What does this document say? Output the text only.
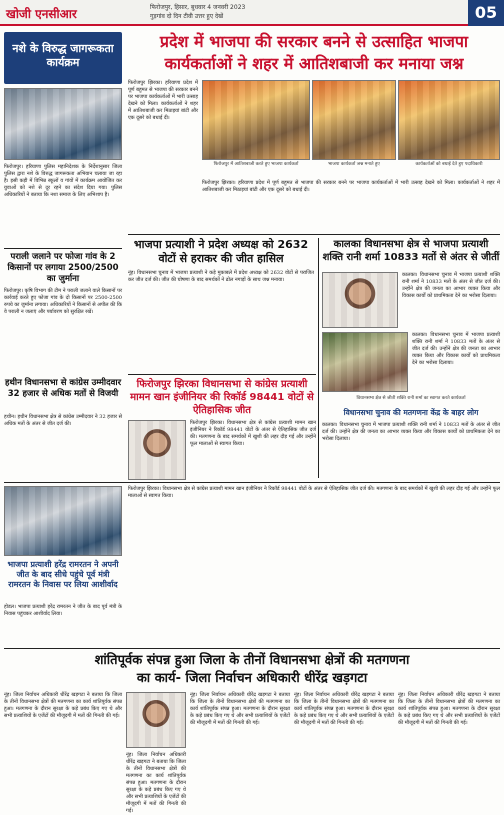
खोजी एनसीआर	फिरोजपुर, हिसार, बुधवार 4 जनवरी 2023
गुड़गांव दो दिन टीवी उत्तर हुए देखें	05
नशे के विरुद्ध जागरूकता कार्यक्रम
फिरोजपुर। हरियाणा पुलिस महानिदेशक के निर्देशानुसार जिला पुलिस द्वारा नशे के विरुद्ध जागरूकता अभियान चलाया जा रहा है। इसी कड़ी में विभिन्न स्कूलों व गांवों में कार्यक्रम आयोजित कर युवाओं को नशे से दूर रहने का संदेश दिया गया। पुलिस अधिकारियों ने बताया कि नशा समाज के लिए अभिशाप है।
प्रदेश में भाजपा की सरकार बनने से उत्साहित भाजपा
कार्यकर्ताओं ने शहर में आतिशबाजी कर मनाया जश्न
फिरोजपुर झिरका। हरियाणा प्रदेश में पूर्ण बहुमत से भाजपा की सरकार बनने पर भाजपा कार्यकर्ताओं में भारी उत्साह देखने को मिला। कार्यकर्ताओं ने शहर में आतिशबाजी कर मिठाइयां बांटी और एक दूसरे को बधाई दी।
फिरोजपुर में आतिशबाजी करते हुए भाजपा कार्यकर्ता	भाजपा कार्यकर्ता जश्न मनाते हुए	कार्यकर्ताओं को बधाई देते हुए पदाधिकारी
फिरोजपुर झिरका। हरियाणा प्रदेश में पूर्ण बहुमत से भाजपा की सरकार बनने पर भाजपा कार्यकर्ताओं में भारी उत्साह देखने को मिला। कार्यकर्ताओं ने शहर में आतिशबाजी कर मिठाइयां बांटी और एक दूसरे को बधाई दी।
पराली जलाने पर फोजा गांव के 2 किसानों पर लगाया 2500/2500 का जुर्माना
फिरोजपुर। कृषि विभाग की टीम ने पराली जलाने वाले किसानों पर कार्रवाई करते हुए फोजा गांव के दो किसानों पर 2500-2500 रुपये का जुर्माना लगाया। अधिकारियों ने किसानों से अपील की कि वे पराली न जलाएं और पर्यावरण को सुरक्षित रखें।
हथीन विधानसभा से कांग्रेस उम्मीदवार 32 हजार से अधिक मतों से विजयी
हथीन। हथीन विधानसभा क्षेत्र से कांग्रेस उम्मीदवार ने 32 हजार से अधिक मतों के अंतर से जीत दर्ज की।
भाजपा प्रत्याशी ने प्रदेश अध्यक्ष को 2632 वोटों से हराकर की जीत हासिल
नूंह। विधानसभा चुनाव में भाजपा प्रत्याशी ने कड़े मुकाबले में प्रदेश अध्यक्ष को 2632 वोटों से पराजित कर जीत दर्ज की। जीत की घोषणा के बाद समर्थकों ने ढोल नगाड़ों के साथ जश्न मनाया।
कालका विधानसभा क्षेत्र से भाजपा प्रत्याशी शक्ति रानी शर्मा 10833 मतों से अंतर से जीतीं
कालका। विधानसभा चुनाव में भाजपा प्रत्याशी शक्ति रानी शर्मा ने 10833 मतों के अंतर से जीत दर्ज की। उन्होंने क्षेत्र की जनता का आभार व्यक्त किया और विकास कार्यों को प्राथमिकता देने का भरोसा दिलाया।
कालका। विधानसभा चुनाव में भाजपा प्रत्याशी शक्ति रानी शर्मा ने 10833 मतों के अंतर से जीत दर्ज की। उन्होंने क्षेत्र की जनता का आभार व्यक्त किया और विकास कार्यों को प्राथमिकता देने का भरोसा दिलाया।
विधानसभा क्षेत्र से जीती शक्ति रानी शर्मा का स्वागत करते कार्यकर्ता
विधानसभा चुनाव की मतगणना केंद्र के बाहर लोग
कालका। विधानसभा चुनाव में भाजपा प्रत्याशी शक्ति रानी शर्मा ने 10833 मतों के अंतर से जीत दर्ज की। उन्होंने क्षेत्र की जनता का आभार व्यक्त किया और विकास कार्यों को प्राथमिकता देने का भरोसा दिलाया।
फिरोजपुर झिरका विधानसभा से कांग्रेस प्रत्याशी मामन खान इंजीनियर की रिकॉर्ड 98441 वोटों से ऐतिहासिक जीत
फिरोजपुर झिरका। विधानसभा क्षेत्र से कांग्रेस प्रत्याशी मामन खान इंजीनियर ने रिकॉर्ड 98441 वोटों के अंतर से ऐतिहासिक जीत दर्ज की। मतगणना के बाद समर्थकों में खुशी की लहर दौड़ गई और उन्होंने फूल मालाओं से स्वागत किया।
भाजपा प्रत्याशी हरेंद्र रामरतन ने अपनी जीत के बाद सीधे पहुंचे पूर्व मंत्री रामरतन के निवास पर लिया आशीर्वाद
होडल। भाजपा प्रत्याशी हरेंद्र रामरतन ने जीत के बाद पूर्व मंत्री के निवास पहुंचकर आशीर्वाद लिया।
फिरोजपुर झिरका। विधानसभा क्षेत्र से कांग्रेस प्रत्याशी मामन खान इंजीनियर ने रिकॉर्ड 98441 वोटों के अंतर से ऐतिहासिक जीत दर्ज की। मतगणना के बाद समर्थकों में खुशी की लहर दौड़ गई और उन्होंने फूल मालाओं से स्वागत किया।
शांतिपूर्वक संपन्न हुआ जिला के तीनों विधानसभा क्षेत्रों की मतगणना
का कार्य- जिला निर्वाचन अधिकारी धीरेंद्र खड़गटा
नूंह। जिला निर्वाचन अधिकारी धीरेंद्र खड़गटा ने बताया कि जिला के तीनों विधानसभा क्षेत्रों की मतगणना का कार्य शांतिपूर्वक संपन्न हुआ। मतगणना के दौरान सुरक्षा के कड़े प्रबंध किए गए थे और सभी प्रत्याशियों के एजेंटों की मौजूदगी में मतों की गिनती की गई।
नूंह। जिला निर्वाचन अधिकारी धीरेंद्र खड़गटा ने बताया कि जिला के तीनों विधानसभा क्षेत्रों की मतगणना का कार्य शांतिपूर्वक संपन्न हुआ। मतगणना के दौरान सुरक्षा के कड़े प्रबंध किए गए थे और सभी प्रत्याशियों के एजेंटों की मौजूदगी में मतों की गिनती की गई।
नूंह। जिला निर्वाचन अधिकारी धीरेंद्र खड़गटा ने बताया कि जिला के तीनों विधानसभा क्षेत्रों की मतगणना का कार्य शांतिपूर्वक संपन्न हुआ। मतगणना के दौरान सुरक्षा के कड़े प्रबंध किए गए थे और सभी प्रत्याशियों के एजेंटों की मौजूदगी में मतों की गिनती की गई।
नूंह। जिला निर्वाचन अधिकारी धीरेंद्र खड़गटा ने बताया कि जिला के तीनों विधानसभा क्षेत्रों की मतगणना का कार्य शांतिपूर्वक संपन्न हुआ। मतगणना के दौरान सुरक्षा के कड़े प्रबंध किए गए थे और सभी प्रत्याशियों के एजेंटों की मौजूदगी में मतों की गिनती की गई।
नूंह। जिला निर्वाचन अधिकारी धीरेंद्र खड़गटा ने बताया कि जिला के तीनों विधानसभा क्षेत्रों की मतगणना का कार्य शांतिपूर्वक संपन्न हुआ। मतगणना के दौरान सुरक्षा के कड़े प्रबंध किए गए थे और सभी प्रत्याशियों के एजेंटों की मौजूदगी में मतों की गिनती की गई।
